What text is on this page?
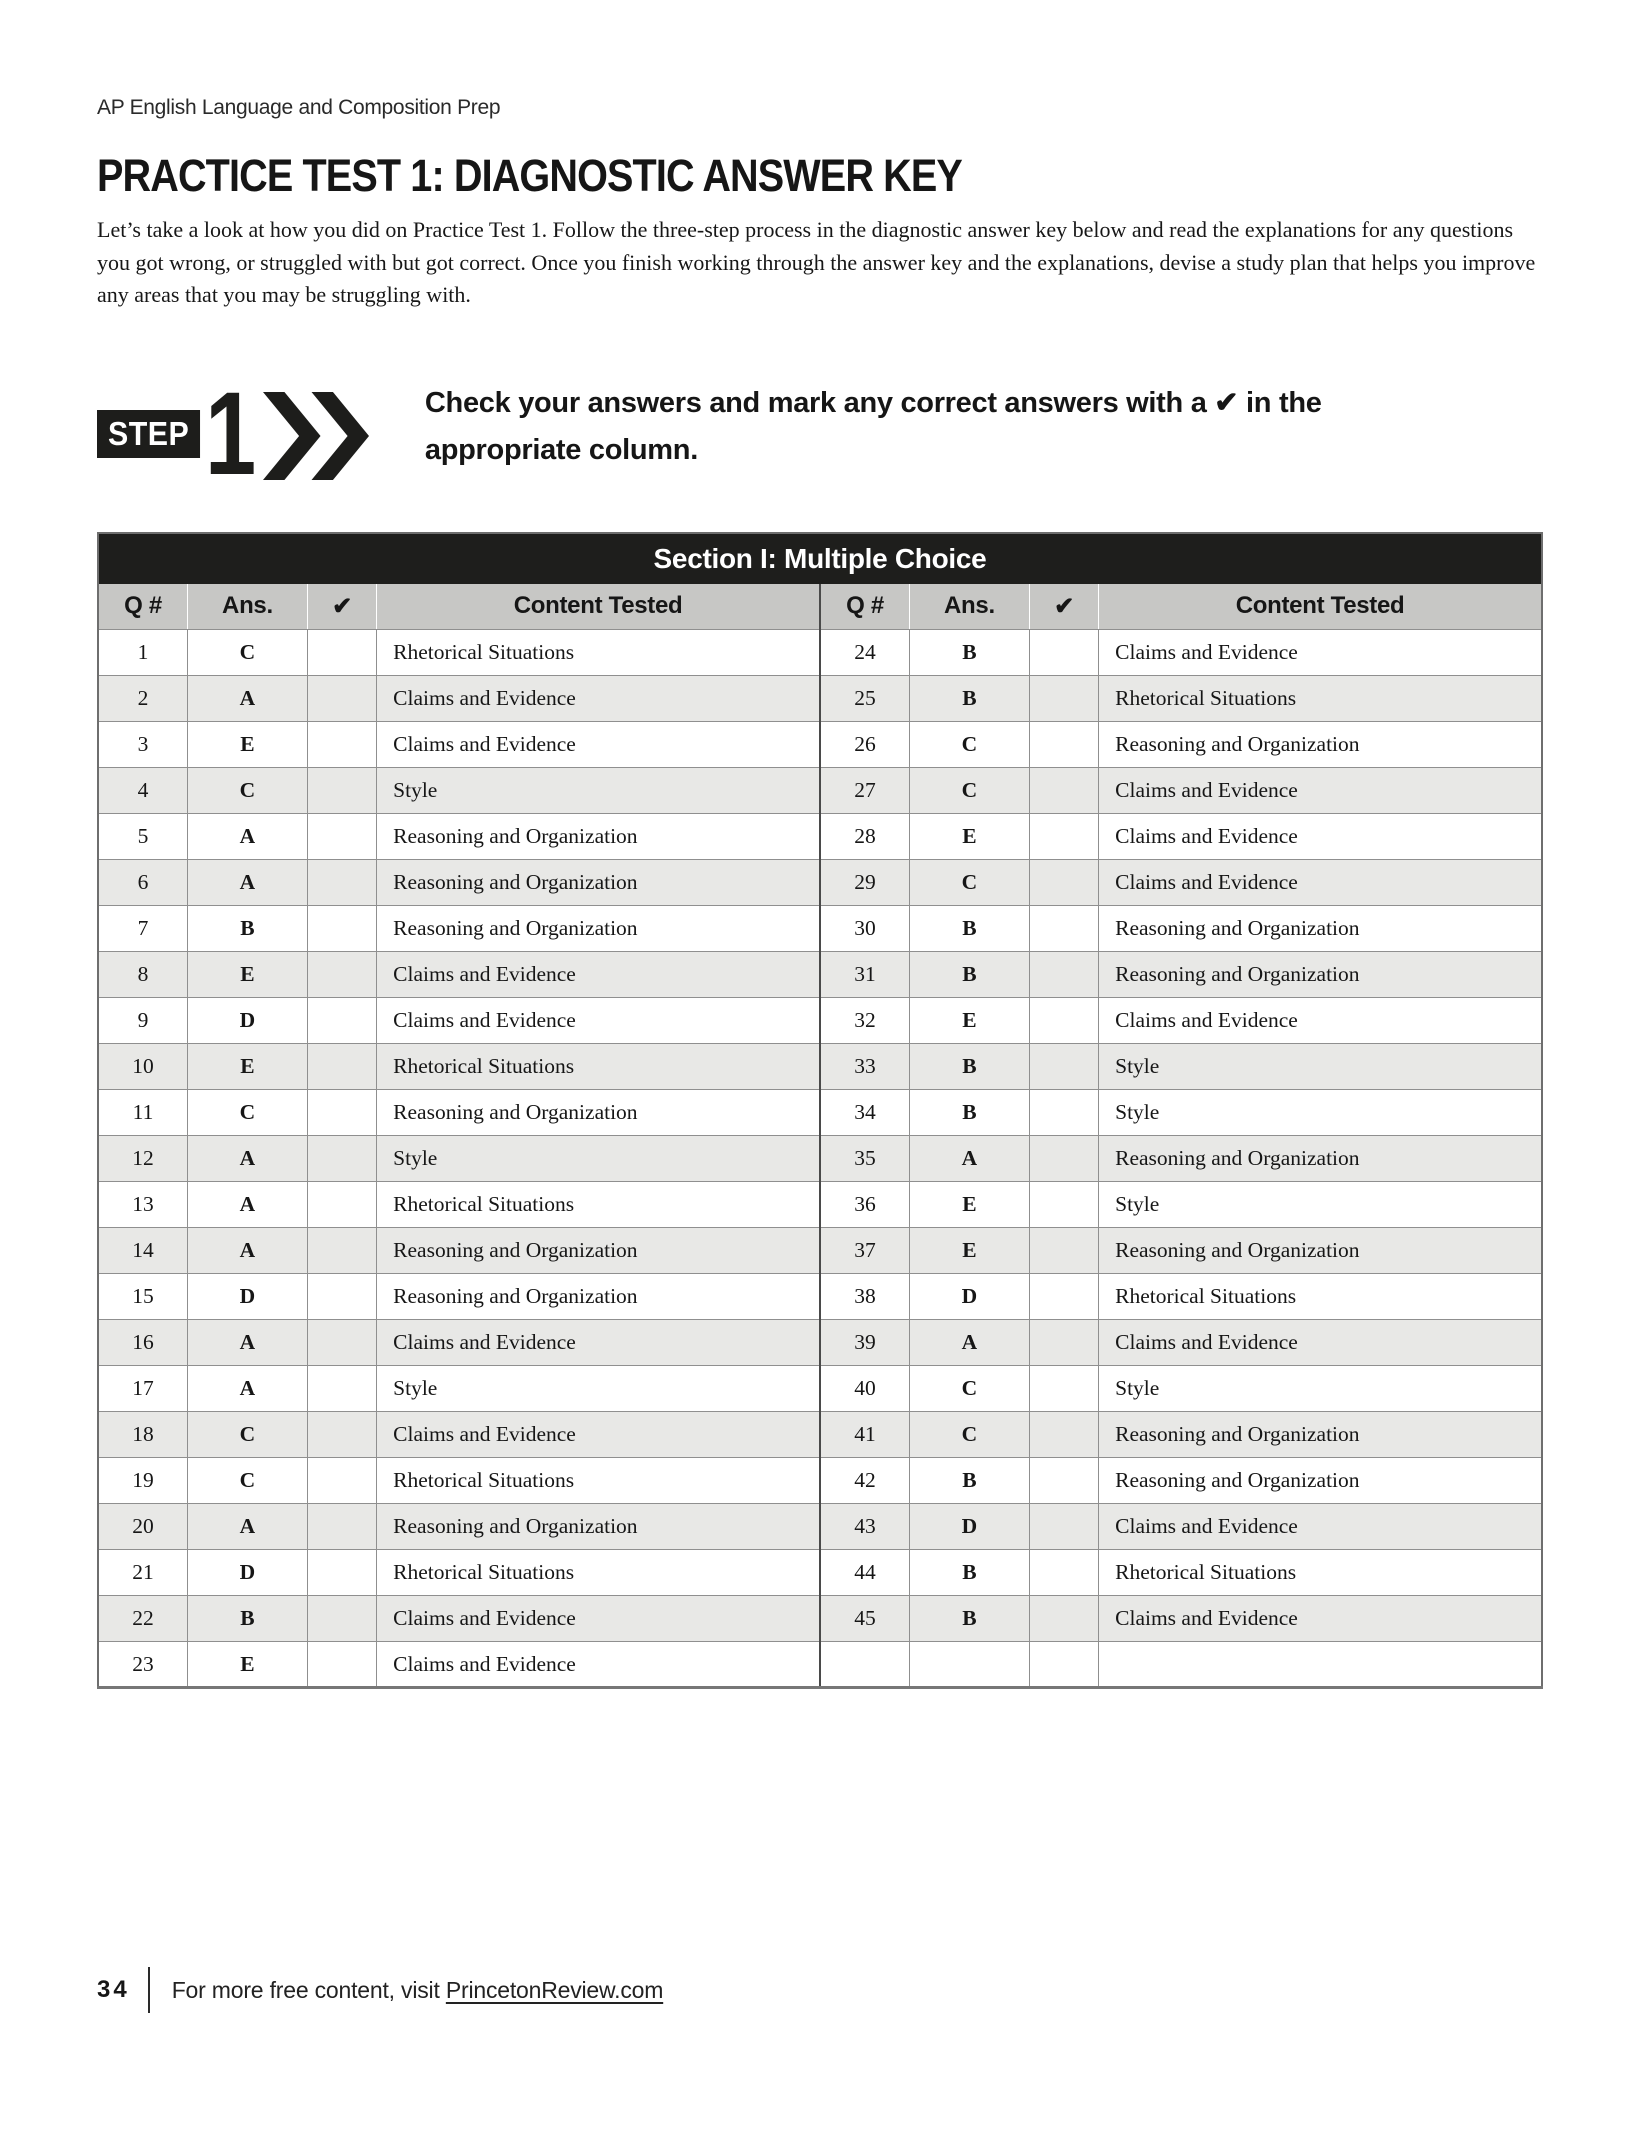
AP English Language and Composition Prep
PRACTICE TEST 1: DIAGNOSTIC ANSWER KEY

Let’s take a look at how you did on Practice Test 1. Follow the three-step process in the diagnostic answer key below and read the explanations for any questions you got wrong, or struggled with but got correct. Once you finish working through the answer key and the explanations, devise a study plan that helps you improve any areas that you may be struggling with.

STEP 1	Check your answers and mark any correct answers with a ✔ in the appropriate column.
Section I: Multiple Choice							
Q #	Ans.	✔	Content Tested	Q #	Ans.	✔	Content Tested
1	C		Rhetorical Situations	24	B		Claims and Evidence
2	A		Claims and Evidence	25	B		Rhetorical Situations
3	E		Claims and Evidence	26	C		Reasoning and Organization
4	C		Style	27	C		Claims and Evidence
5	A		Reasoning and Organization	28	E		Claims and Evidence
6	A		Reasoning and Organization	29	C		Claims and Evidence
7	B		Reasoning and Organization	30	B		Reasoning and Organization
8	E		Claims and Evidence	31	B		Reasoning and Organization
9	D		Claims and Evidence	32	E		Claims and Evidence
10	E		Rhetorical Situations	33	B		Style
11	C		Reasoning and Organization	34	B		Style
12	A		Style	35	A		Reasoning and Organization
13	A		Rhetorical Situations	36	E		Style
14	A		Reasoning and Organization	37	E		Reasoning and Organization
15	D		Reasoning and Organization	38	D		Rhetorical Situations
16	A		Claims and Evidence	39	A		Claims and Evidence
17	A		Style	40	C		Style
18	C		Claims and Evidence	41	C		Reasoning and Organization
19	C		Rhetorical Situations	42	B		Reasoning and Organization
20	A		Reasoning and Organization	43	D		Claims and Evidence
21	D		Rhetorical Situations	44	B		Rhetorical Situations
22	B		Claims and Evidence	45	B		Claims and Evidence
23	E		Claims and Evidence				
34 For more free content, visit PrincetonReview.com
